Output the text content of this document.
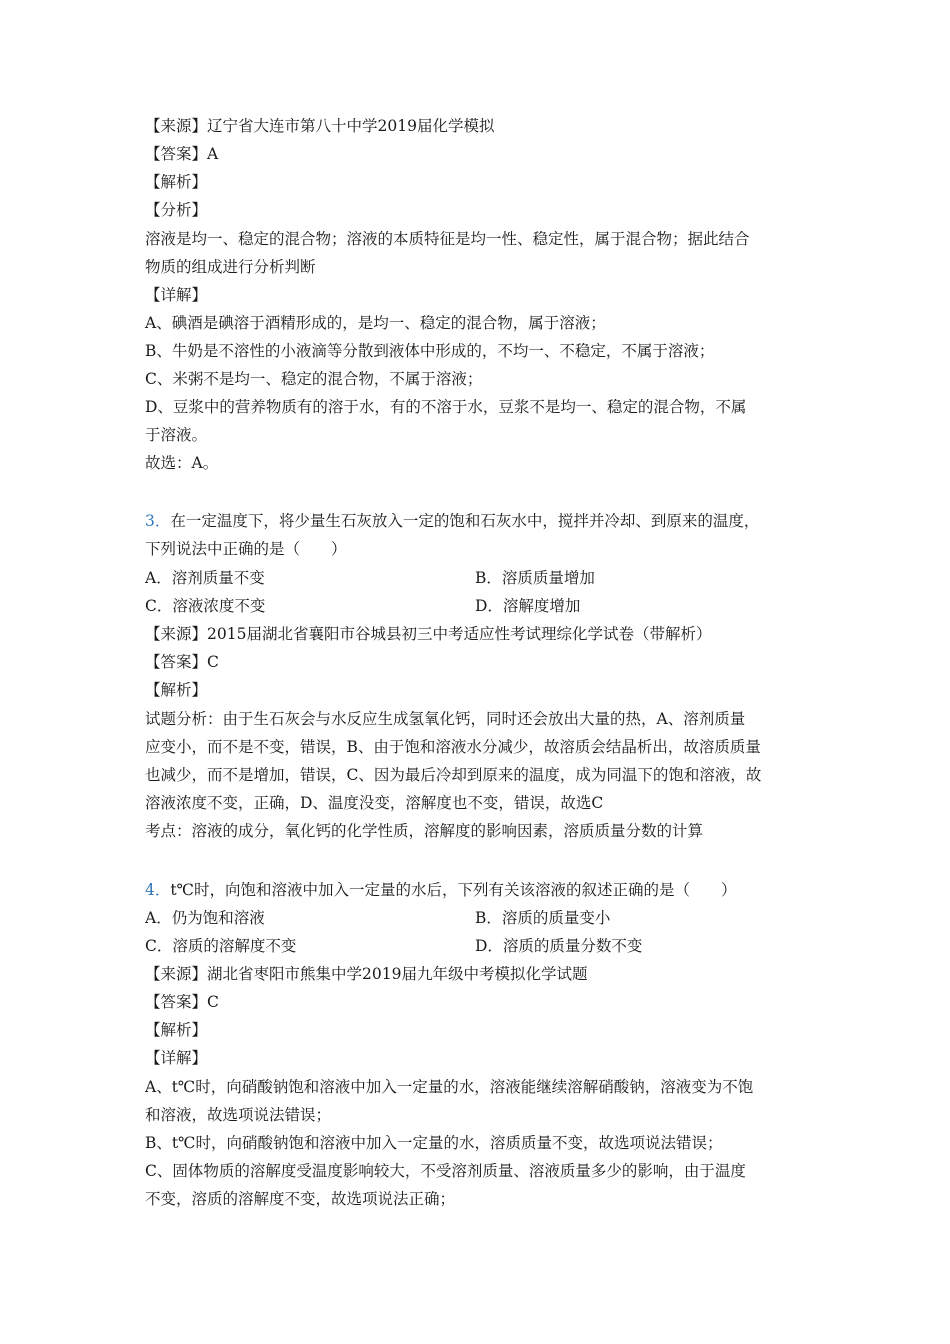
【来源】辽宁省大连市第八十中学2019届化学模拟
【答案】A
【解析】
【分析】
溶液是均一、稳定的混合物；溶液的本质特征是均一性、稳定性，属于混合物；据此结合
物质的组成进行分析判断
【详解】
A、碘酒是碘溶于酒精形成的，是均一、稳定的混合物，属于溶液；
B、牛奶是不溶性的小液滴等分散到液体中形成的，不均一、不稳定，不属于溶液；
C、米粥不是均一、稳定的混合物，不属于溶液；
D、豆浆中的营养物质有的溶于水，有的不溶于水，豆浆不是均一、稳定的混合物，不属
于溶液。
故选：A。
3．在一定温度下，将少量生石灰放入一定的饱和石灰水中，搅拌并冷却、到原来的温度，
下列说法中正确的是（　　）
A．溶剂质量不变	B．溶质质量增加
C．溶液浓度不变	D．溶解度增加
【来源】2015届湖北省襄阳市谷城县初三中考适应性考试理综化学试卷（带解析）
【答案】C
【解析】
试题分析：由于生石灰会与水反应生成氢氧化钙，同时还会放出大量的热，A、溶剂质量
应变小，而不是不变，错误，B、由于饱和溶液水分减少，故溶质会结晶析出，故溶质质量
也减少，而不是增加，错误，C、因为最后冷却到原来的温度，成为同温下的饱和溶液，故
溶液浓度不变，正确，D、温度没变，溶解度也不变，错误，故选C
考点：溶液的成分，氧化钙的化学性质，溶解度的影响因素，溶质质量分数的计算
4．t℃时，向饱和溶液中加入一定量的水后，下列有关该溶液的叙述正确的是（　　）
A．仍为饱和溶液	B．溶质的质量变小
C．溶质的溶解度不变	D．溶质的质量分数不变
【来源】湖北省枣阳市熊集中学2019届九年级中考模拟化学试题
【答案】C
【解析】
【详解】
A、t℃时，向硝酸钠饱和溶液中加入一定量的水，溶液能继续溶解硝酸钠，溶液变为不饱
和溶液，故选项说法错误；
B、t℃时，向硝酸钠饱和溶液中加入一定量的水，溶质质量不变，故选项说法错误；
C、固体物质的溶解度受温度影响较大，不受溶剂质量、溶液质量多少的影响，由于温度
不变，溶质的溶解度不变，故选项说法正确；
